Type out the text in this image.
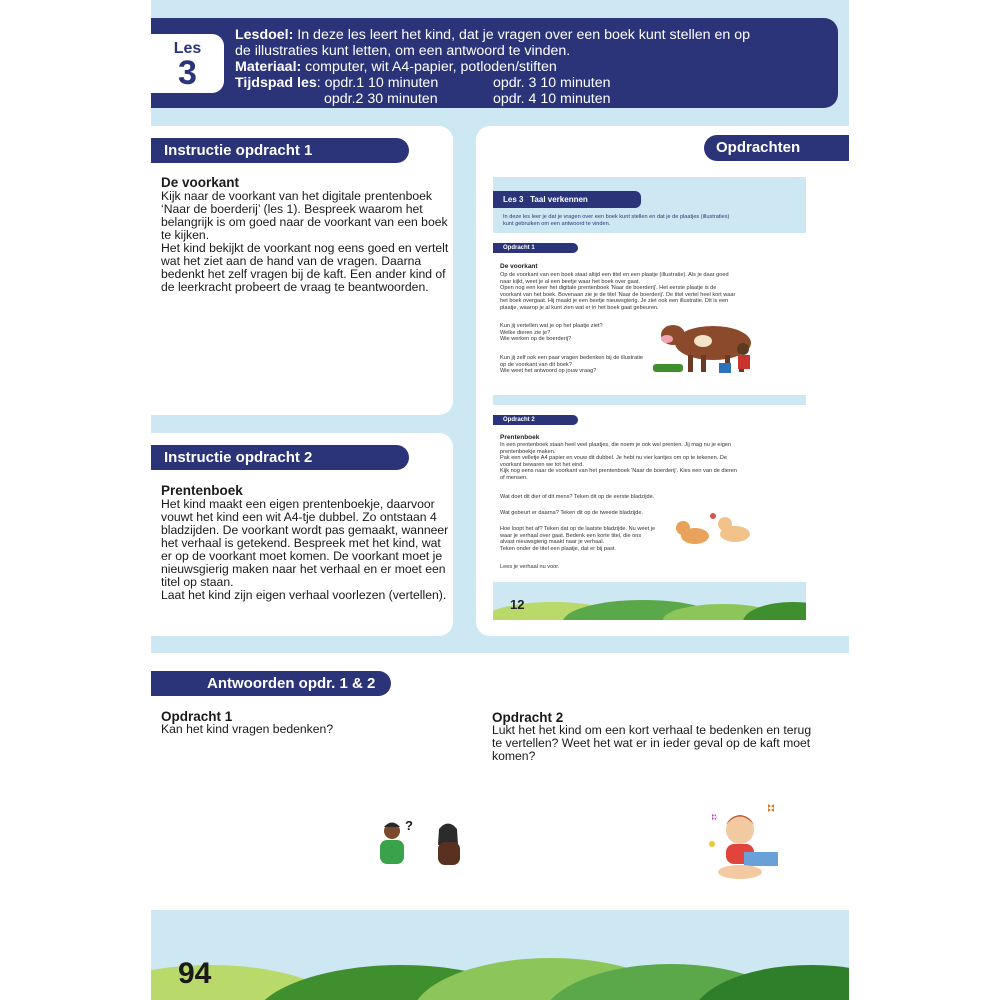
Les
3
Lesdoel: In deze les leert het kind, dat je vragen over een boek kunt stellen en op
de illustraties kunt letten, om een antwoord te vinden.
Materiaal: computer, wit A4-papier, potloden/stiften
Tijdspad les: opdr.1 10 minuten
opdr.2 30 minuten
opdr. 3 10 minuten
opdr. 4 10 minuten
Instructie opdracht 1
De voorkant
Kijk naar de voorkant van het digitale prentenboek
‘Naar de boerderij’ (les 1). Bespreek waarom het
belangrijk is om goed naar de voorkant van een boek
te kijken.
Het kind bekijkt de voorkant nog eens goed en vertelt
wat het ziet aan de hand van de vragen. Daarna
bedenkt het zelf vragen bij de kaft. Een ander kind of
de leerkracht probeert de vraag te beantwoorden.
Instructie opdracht 2
Prentenboek
Het kind maakt een eigen prentenboekje, daarvoor
vouwt het kind een wit A4-tje dubbel. Zo ontstaan 4
bladzijden. De voorkant wordt pas gemaakt, wanneer
het verhaal is getekend. Bespreek met het kind, wat
er op de voorkant moet komen. De voorkant moet je
nieuwsgierig maken naar het verhaal en er moet een
titel op staan.
Laat het kind zijn eigen verhaal voorlezen (vertellen).
Opdrachten
Les 3 Taal verkennen
In deze les leer je dat je vragen over een boek kunt stellen en dat je de plaatjes (illustraties)
kunt gebruiken om een antwoord te vinden.
Opdracht 1
De voorkant
Op de voorkant van een boek staat altijd een titel en een plaatje (illustratie). Als je daar goed
naar kijkt, weet je al een beetje waar het boek over gaat.
Open nog een keer het digitale prentenboek 'Naar de boerderij'. Het eerste plaatje is de
voorkant van het boek. Bovenaan zie je de titel 'Naar de boerderij'. De titel vertel heel kort waar
het boek overgaat. Hij maakt je een beetje nieuwsgierig. Je ziet ook een illustratie. Dit is een
plaatje, waarop je al kunt zien wat er in het boek gaat gebeuren.
Kun jij vertellen wat je op het plaatje ziet?
Welke dieren zie je?
Wie werken op de boerderij?
Kun jij zelf ook een paar vragen bedenken bij de illustratie
op de voorkant van dit boek?
Wie weet het antwoord op jouw vraag?
Opdracht 2
Prentenboek
In een prentenboek staan heel veel plaatjes, die noem je ook wel prenten. Jij mag nu je eigen
prentenboekje maken.
Pak een velletje A4 papier en vouw dit dubbel. Je hebt nu vier kantjes om op te tekenen. De
voorkant bewaren we tot het eind.
Kijk nog eens naar de voorkant van het prentenboek 'Naar de boerderij'. Kies een van de dieren
of mensen.
Wat doet dit dier of dit mens? Teken dit op de eerste bladzijde.
Wat gebeurt er daarna? Teken dit op de tweede bladzijde.
Hoe loopt het af? Teken dat op de laatste bladzijde. Nu weet je
waar je verhaal over gaat. Bedenk een korte titel, die ons
alvast nieuwsgierig maakt naar je verhaal.
Teken onder de titel een plaatje, dat er bij past.
Lees je verhaal nu voor.
12
Antwoorden opdr. 1 & 2
Opdracht 1
Kan het kind vragen bedenken?
Opdracht 2
Lukt het het kind om een kort verhaal te bedenken en terug
te vertellen? Weet het wat er in ieder geval op de kaft moet
komen?
?
94
